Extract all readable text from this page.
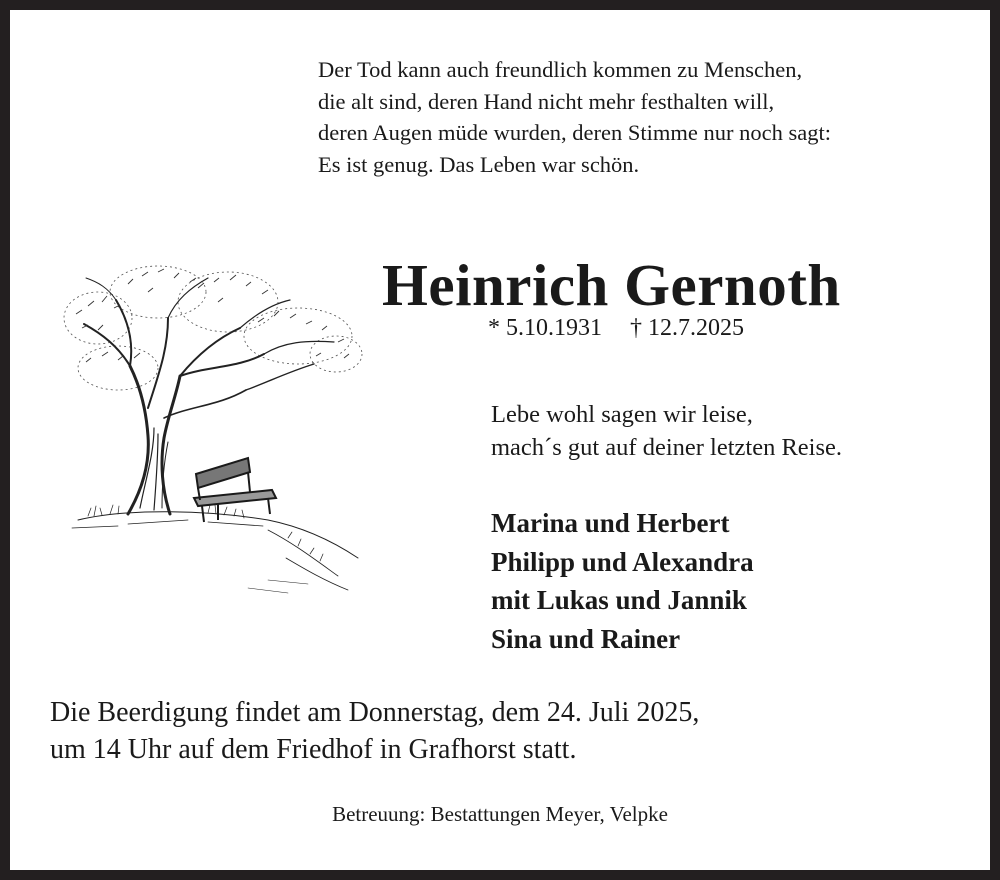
Der Tod kann auch freundlich kommen zu Menschen,
die alt sind, deren Hand nicht mehr festhalten will,
deren Augen müde wurden, deren Stimme nur noch sagt:
Es ist genug. Das Leben war schön.
Heinrich Gernoth
* 5.10.1931 † 12.7.2025
Lebe wohl sagen wir leise,
mach´s gut auf deiner letzten Reise.
Marina und Herbert
Philipp und Alexandra
mit Lukas und Jannik
Sina und Rainer
Die Beerdigung findet am Donnerstag, dem 24. Juli 2025,
um 14 Uhr auf dem Friedhof in Grafhorst statt.
Betreuung: Bestattungen Meyer, Velpke
